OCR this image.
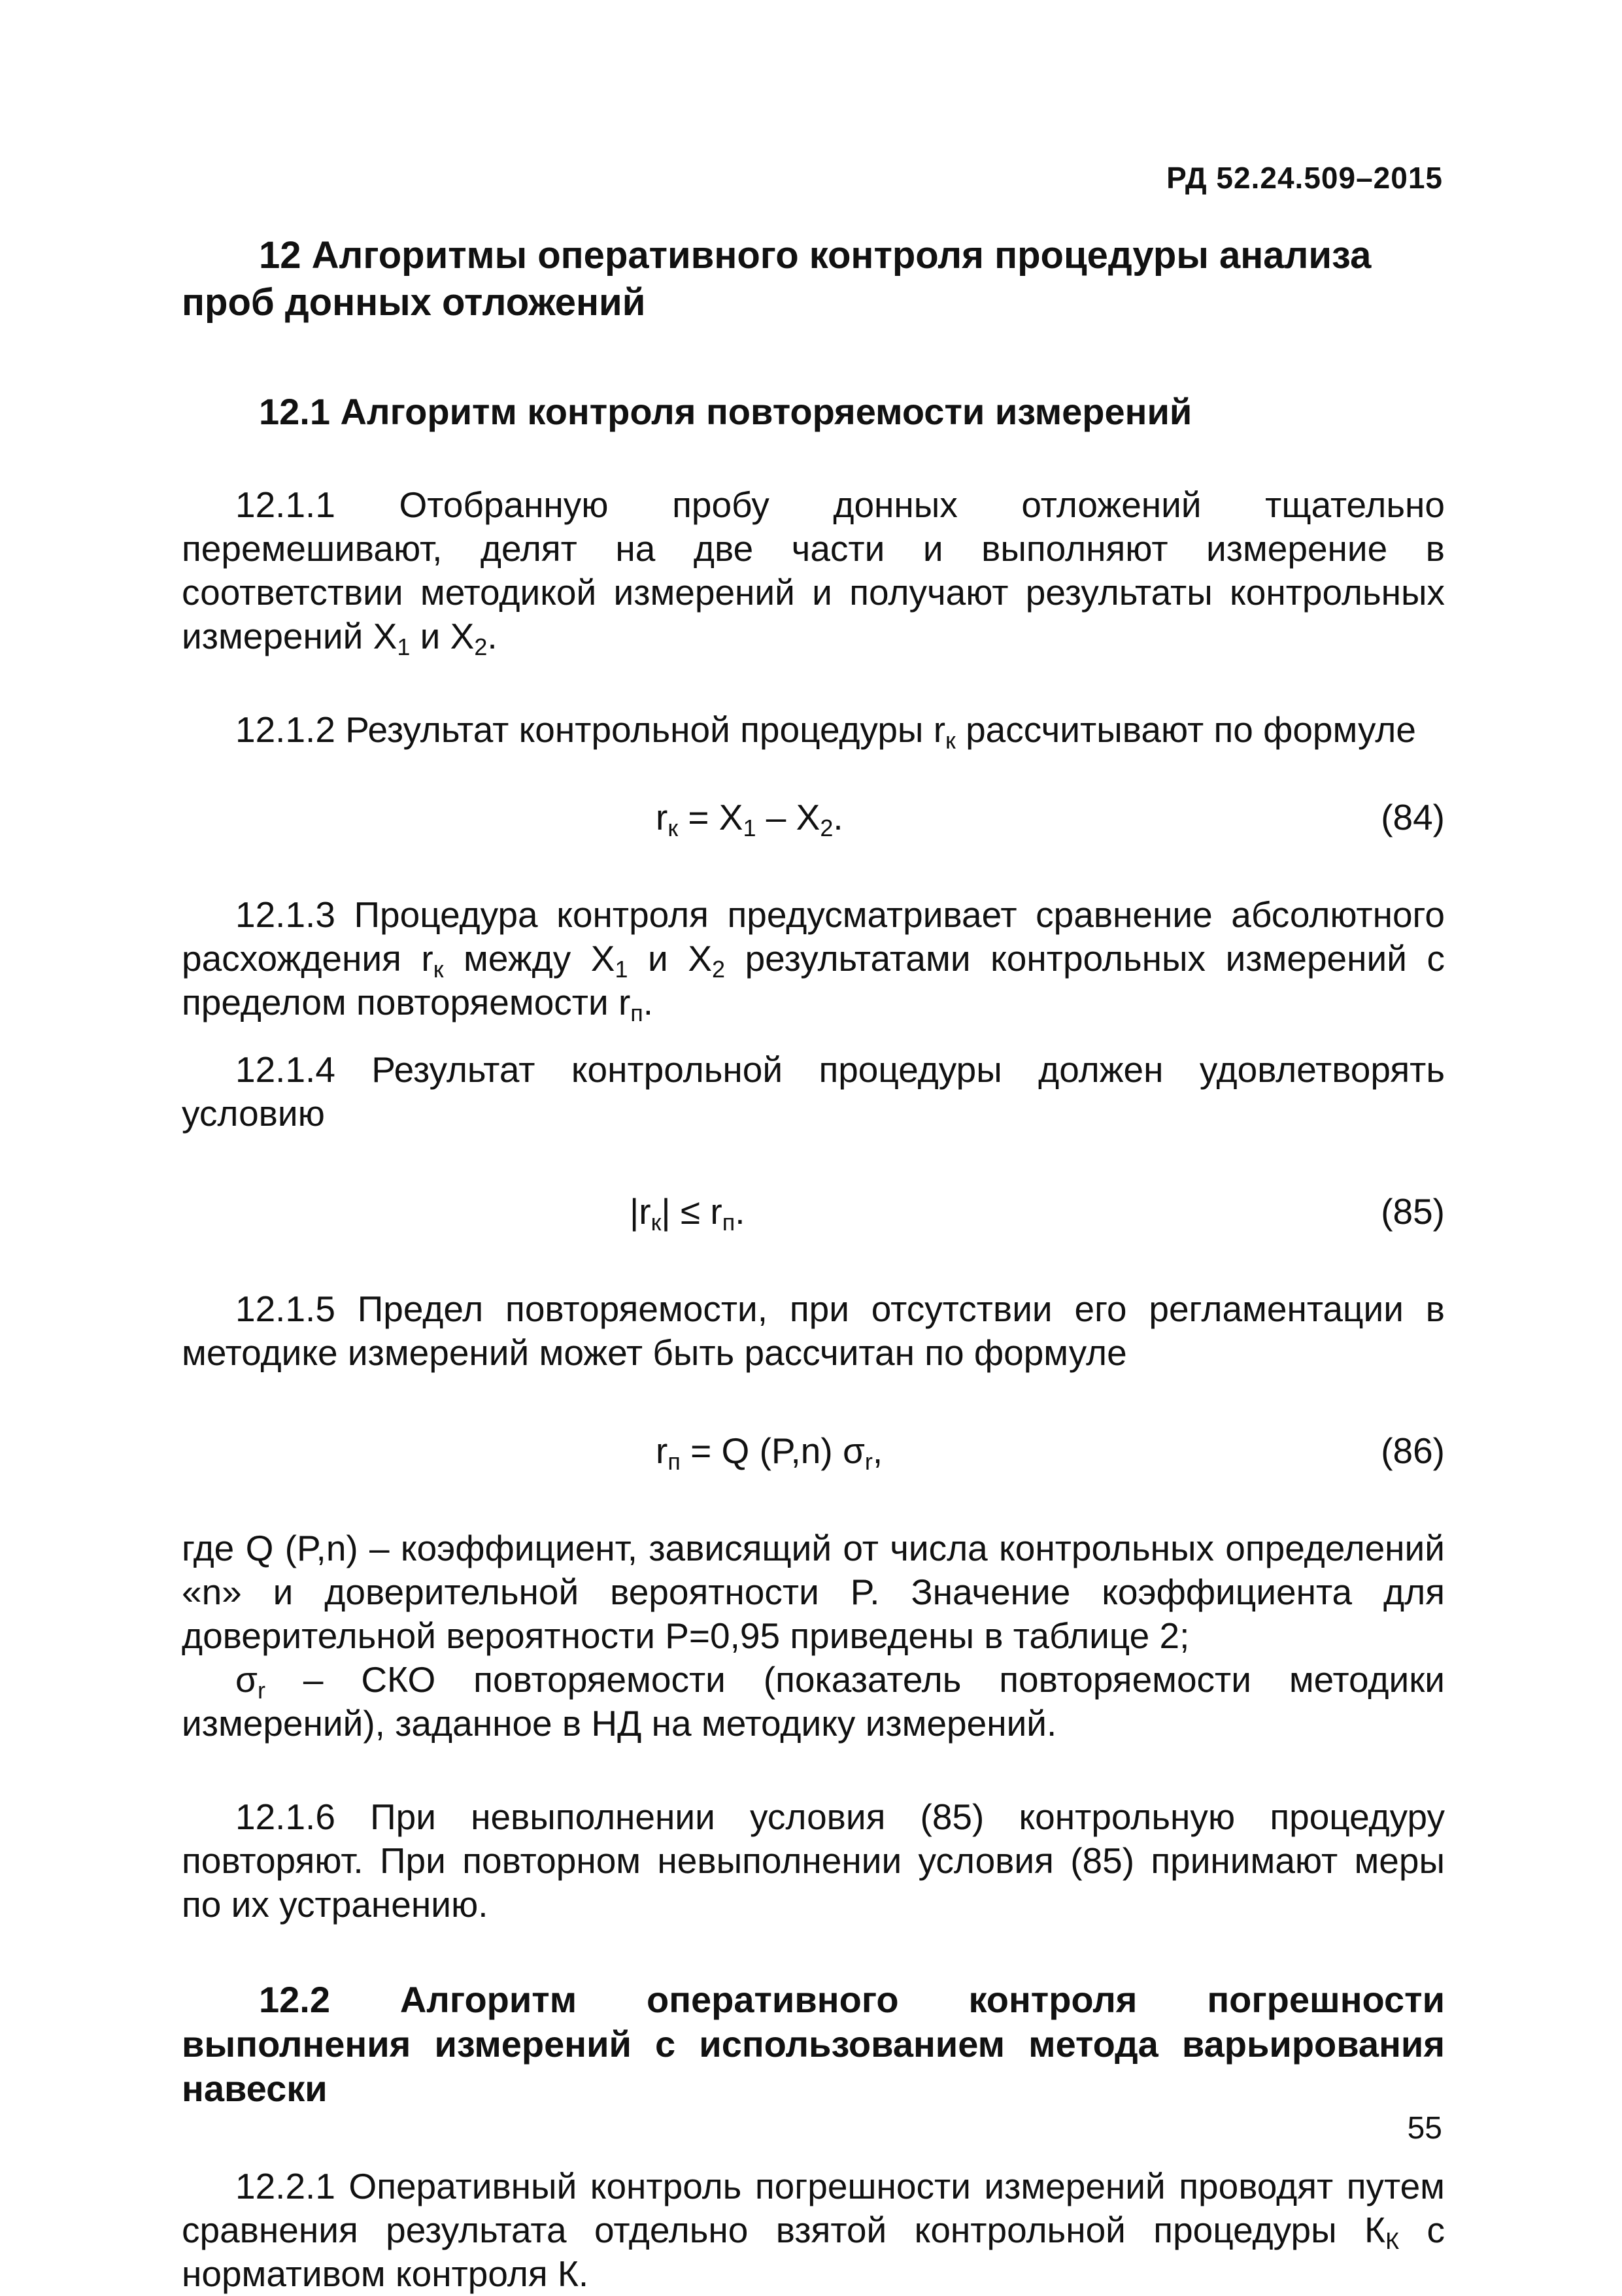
РД 52.24.509–2015
12 Алгоритмы оперативного контроля процедуры анализа проб донных отложений
12.1 Алгоритм контроля повторяемости измерений

12.1.1 Отобранную пробу донных отложений тщательно перемешивают, делят на две части и выполняют измерение в соответствии методикой измерений и получают результаты контрольных измерений $X_1$ и $X_2$.

12.1.2 Результат контрольной процедуры $r_к$ рассчитывают по формуле

$r_к = X_1 - X_2$.	(84)

12.1.3 Процедура контроля предусматривает сравнение абсолютного расхождения $r_к$ между $X_1$ и $X_2$ результатами контрольных измерений с пределом повторяемости $r_п$.

12.1.4 Результат контрольной процедуры должен удовлетворять условию

$|r_к| \le r_п$.	(85)

12.1.5 Предел повторяемости, при отсутствии его регламентации в методике измерений может быть рассчитан по формуле

$r_п = Q$ (P,n) $\sigma_r$,	(86)

где Q (P,n) – коэффициент, зависящий от числа контрольных определений «n» и доверительной вероятности P. Значение коэффициента для доверительной вероятности P=0,95 приведены в таблице 2;

$\sigma_r$ – СКО повторяемости (показатель повторяемости методики измерений), заданное в НД на методику измерений.

12.1.6 При невыполнении условия (85) контрольную процедуру повторяют. При повторном невыполнении условия (85) принимают меры по их устранению.

12.2 Алгоритм оперативного контроля погрешности выполнения измерений с использованием метода варьирования навески

12.2.1 Оперативный контроль погрешности измерений проводят путем сравнения результата отдельно взятой контрольной процедуры $К_К$ с нормативом контроля К.

55
